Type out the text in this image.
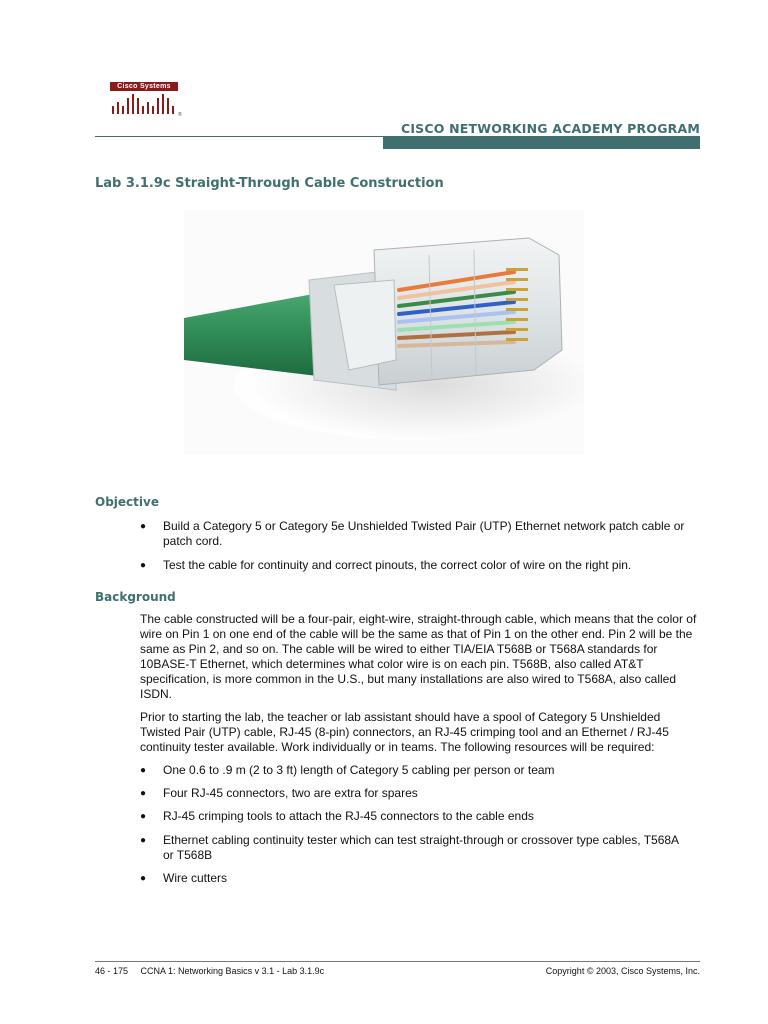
Cisco Systems
®
CISCO NETWORKING ACADEMY PROGRAM
Lab 3.1.9c Straight-Through Cable Construction
Objective
● Build a Category 5 or Category 5e Unshielded Twisted Pair (UTP) Ethernet network patch cable or patch cord.
● Test the cable for continuity and correct pinouts, the correct color of wire on the right pin.
Background
The cable constructed will be a four-pair, eight-wire, straight-through cable, which means that the color of wire on Pin 1 on one end of the cable will be the same as that of Pin 1 on the other end. Pin 2 will be the same as Pin 2, and so on. The cable will be wired to either TIA/EIA T568B or T568A standards for 10BASE-T Ethernet, which determines what color wire is on each pin. T568B, also called AT&T specification, is more common in the U.S., but many installations are also wired to T568A, also called ISDN.
Prior to starting the lab, the teacher or lab assistant should have a spool of Category 5 Unshielded Twisted Pair (UTP) cable, RJ-45 (8-pin) connectors, an RJ-45 crimping tool and an Ethernet / RJ-45 continuity tester available. Work individually or in teams. The following resources will be required:
● One 0.6 to .9 m (2 to 3 ft) length of Category 5 cabling per person or team
● Four RJ-45 connectors, two are extra for spares
● RJ-45 crimping tools to attach the RJ-45 connectors to the cable ends
● Ethernet cabling continuity tester which can test straight-through or crossover type cables, T568A or T568B
● Wire cutters
46 - 175     CCNA 1: Networking Basics v 3.1 - Lab 3.1.9c	Copyright © 2003, Cisco Systems, Inc.
